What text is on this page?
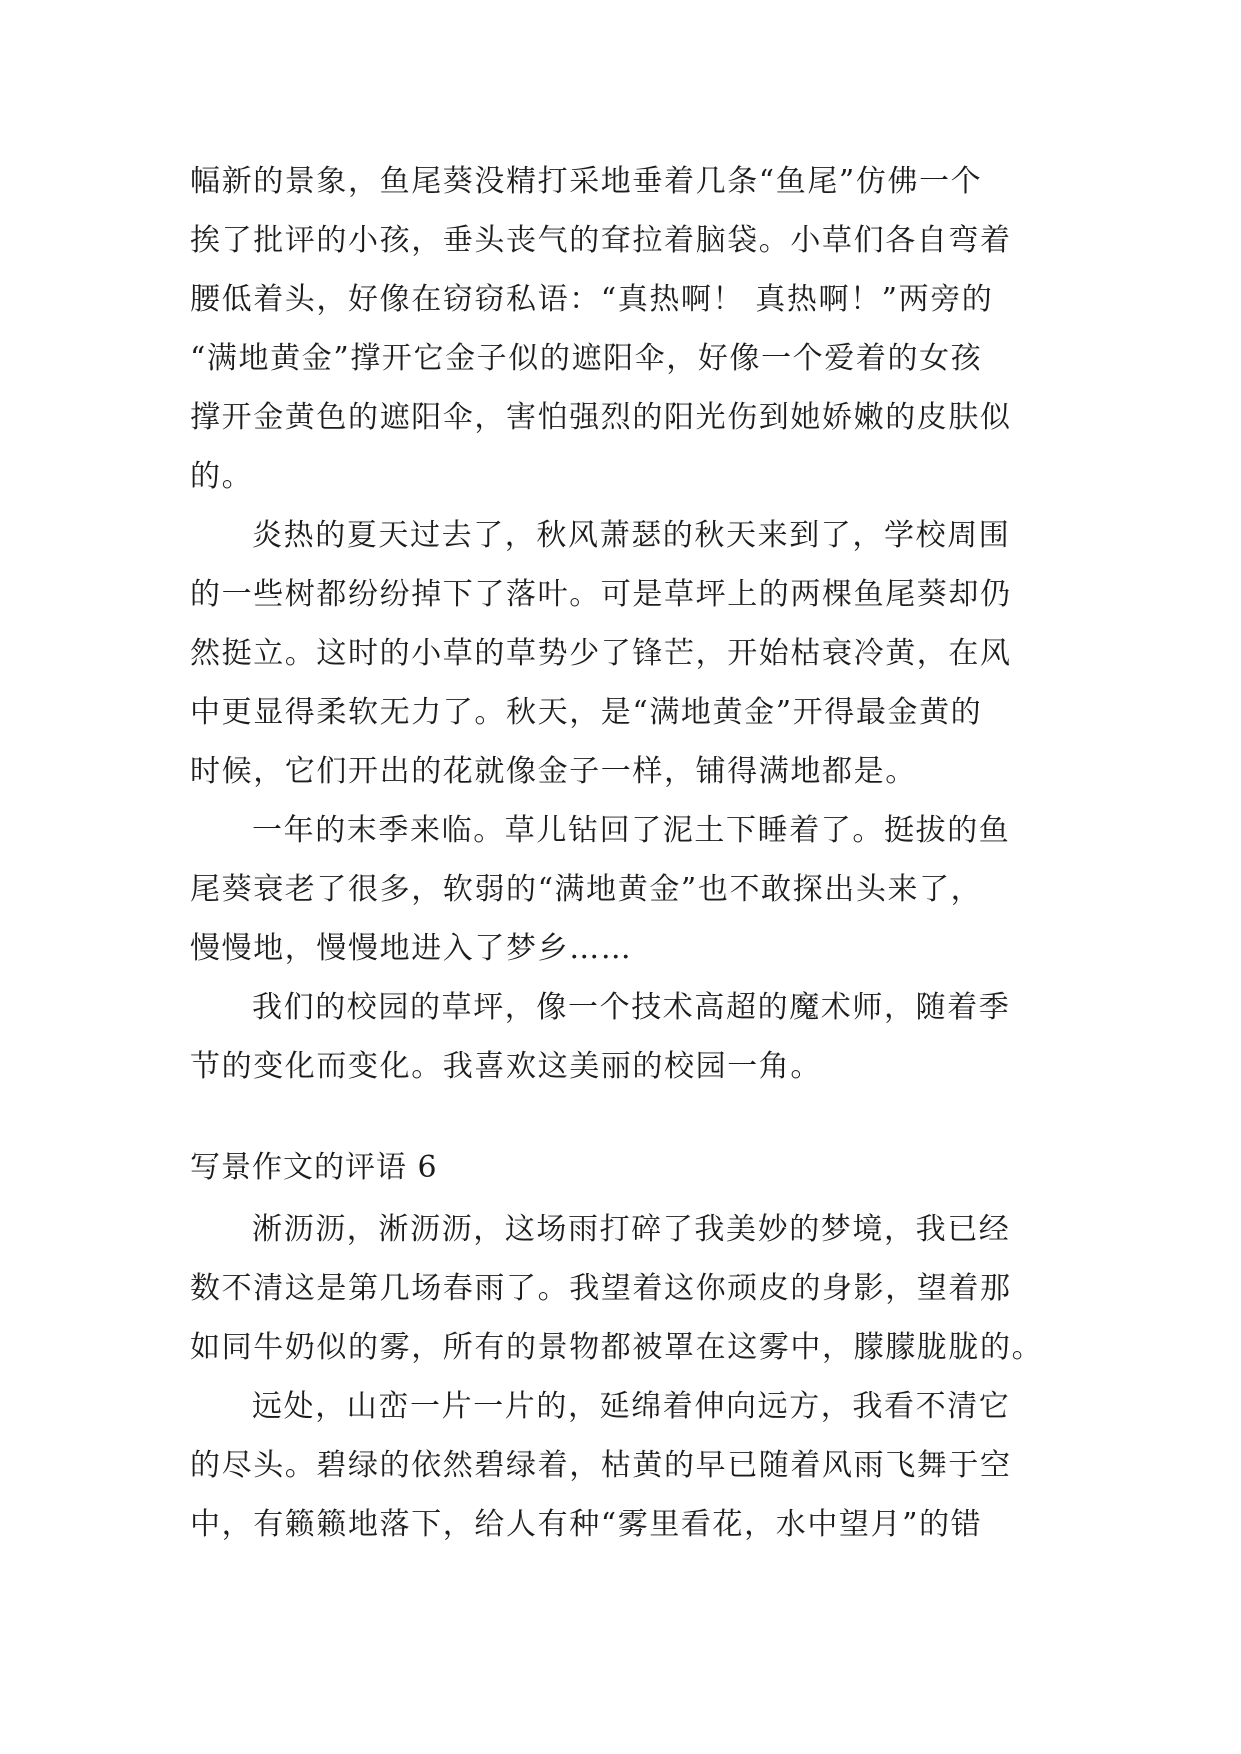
幅新的景象，鱼尾葵没精打采地垂着几条“鱼尾”仿佛一个
挨了批评的小孩，垂头丧气的耷拉着脑袋。小草们各自弯着
腰低着头，好像在窃窃私语：“真热啊！ 真热啊！”两旁的
“满地黄金”撑开它金子似的遮阳伞，好像一个爱着的女孩
撑开金黄色的遮阳伞，害怕强烈的阳光伤到她娇嫩的皮肤似
的。
炎热的夏天过去了，秋风萧瑟的秋天来到了，学校周围
的一些树都纷纷掉下了落叶。可是草坪上的两棵鱼尾葵却仍
然挺立。这时的小草的草势少了锋芒，开始枯衰冷黄，在风
中更显得柔软无力了。秋天，是“满地黄金”开得最金黄的
时候，它们开出的花就像金子一样，铺得满地都是。
一年的末季来临。草儿钻回了泥土下睡着了。挺拔的鱼
尾葵衰老了很多，软弱的“满地黄金”也不敢探出头来了，
慢慢地，慢慢地进入了梦乡……
我们的校园的草坪，像一个技术高超的魔术师，随着季
节的变化而变化。我喜欢这美丽的校园一角。
写景作文的评语 6
淅沥沥，淅沥沥，这场雨打碎了我美妙的梦境，我已经
数不清这是第几场春雨了。我望着这你顽皮的身影，望着那
如同牛奶似的雾，所有的景物都被罩在这雾中，朦朦胧胧的。
远处，山峦一片一片的，延绵着伸向远方，我看不清它
的尽头。碧绿的依然碧绿着，枯黄的早已随着风雨飞舞于空
中，有籁籁地落下，给人有种“雾里看花，水中望月”的错
